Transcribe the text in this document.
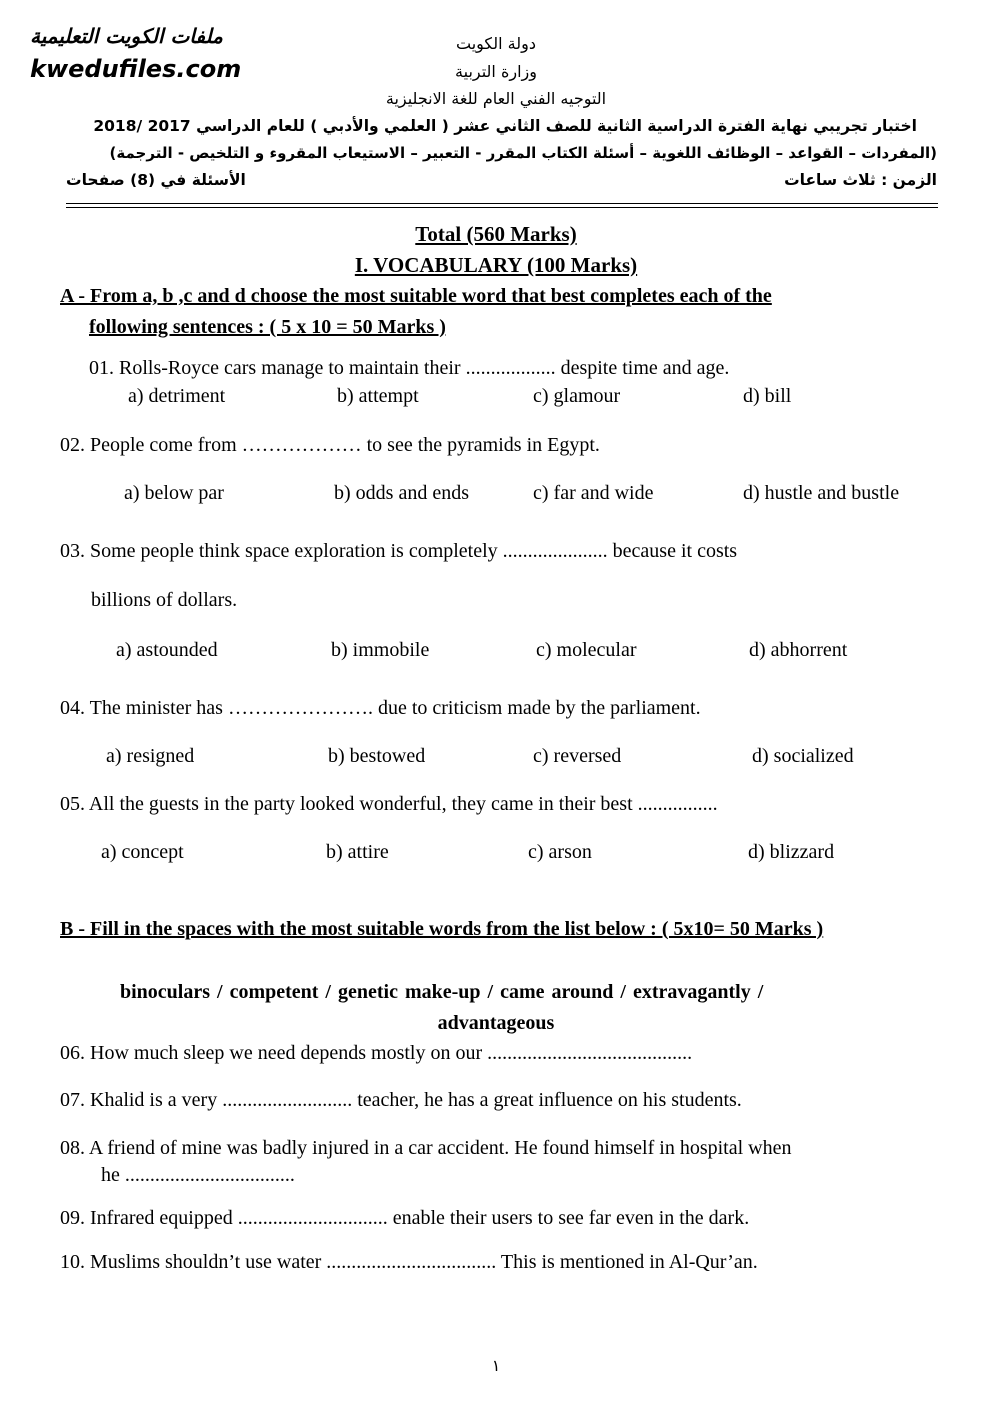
ملفات الكويت التعليمية
kwedufiles.com
دولة الكويت
وزارة التربية
التوجيه الفني العام للغة الانجليزية
اختبار تجريبي نهاية الفترة الدراسية الثانية للصف الثاني عشر ( العلمي والأدبي ) للعام الدراسي 2017 /2018
(المفردات – القواعد – الوظائف اللغوية – أسئلة الكتاب المقرر - التعبير – الاستيعاب المقروء و التلخيص - الترجمة)
الزمن : ثلاث ساعات
الأسئلة في (8) صفحات
Total (560 Marks)
I. VOCABULARY (100 Marks)
A - From a, b ,c and d choose the most suitable word that best completes each of the
following sentences : ( 5 x 10 = 50 Marks )
01. Rolls-Royce cars manage to maintain their .................. despite time and age.
a) detriment	b) attempt	c) glamour	d) bill
02. People come from ……………… to see the pyramids in Egypt.
a) below par	b) odds and ends	c) far and wide	d) hustle and bustle
03. Some people think space exploration is completely ..................... because it costs
billions of dollars.
a) astounded	b) immobile	c) molecular	d) abhorrent
04. The minister has …………………. due to criticism made by the parliament.
a) resigned	b) bestowed	c) reversed	d) socialized
05. All the guests in the party looked wonderful, they came in their best ................
a) concept	b) attire	c) arson	d) blizzard
B - Fill in the spaces with the most suitable words from the list below : ( 5x10= 50 Marks )
binoculars / competent / genetic make-up / came around / extravagantly /
advantageous
06. How much sleep we need depends mostly on our .........................................
07. Khalid is a very .......................... teacher, he has a great influence on his students.
08. A friend of mine was badly injured in a car accident. He found himself in hospital when
he ..................................
09. Infrared equipped .............................. enable their users to see far even in the dark.
10. Muslims shouldn’t use water .................................. This is mentioned in Al-Qur’an.
١
